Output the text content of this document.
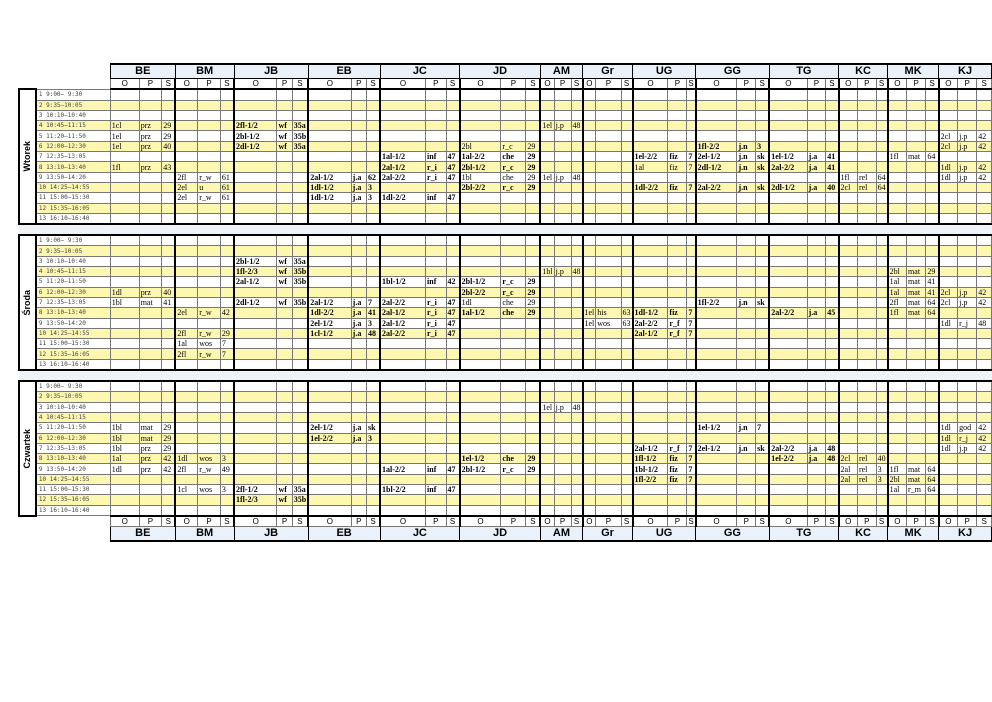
		BE			BM			JB			EB			JC			JD			AM			Gr			UG			GG			TG			KC			MK			KJ		
		O	P	S	O	P	S	O	P	S	O	P	S	O	P	S	O	P	S	O	P	S	O	P	S	O	P	S	O	P	S	O	P	S	O	P	S	O	P	S	O	P	S

Wtorek	1 9:00– 9:30																																										
	2 9:35–10:05																																										
	3 10:10–10:40																																										
	4 10:45–11:15	1cl	prz	29				2fl-1/2	wf	35a										1el	j.p	48																					
	5 11:20–11:50	1el	prz	29				2bl-1/2	wf	35b																															2cl	j.p	42
	6 12:00–12:30	1el	prz	40				2dl-1/2	wf	35a							2bl	r_c	29										1fl-2/2	j.n	3										2cl	j.p	42
	7 12:35–13:05													1al-1/2	inf	47	1al-2/2	che	29							1el-2/2	fiz	7	2el-1/2	j.n	sk	1el-1/2	j.a	41				1fl	mat	64			
	8 13:10–13:40	1fl	prz	43										2al-1/2	r_i	47	2bl-1/2	r_c	29							1al	fiz	7	2dl-1/2	j.n	sk	2al-2/2	j.a	41							1dl	j.p	42
	9 13:50–14:20				2fl	r_w	61				2al-1/2	j.a	62	2al-2/2	r_i	47	1bl	che	29	1el	j.p	48													1fl	rel	64				1dl	j.p	42
	10 14:25–14:55				2el	u	61				1dl-1/2	j.a	3				2bl-2/2	r_c	29							1dl-2/2	fiz	7	2al-2/2	j.n	sk	2dl-1/2	j.a	40	2cl	rel	64						
	11 15:00–15:30				2el	r_w	61				1dl-1/2	j.a	3	1dl-2/2	inf	47																											
	12 15:35–16:05																																										
	13 16:10–16:40																																										

Środa	1 9:00– 9:30																																										
	2 9:35–10:05																																										
	3 10:10–10:40							2bl-1/2	wf	35a																																	
	4 10:45–11:15							1fl-2/3	wf	35b										1bl	j.p	48																2bl	mat	29			
	5 11:20–11:50							2al-1/2	wf	35b				1bl-1/2	inf	42	2bl-1/2	r_c	29																			1al	mat	41			
	6 12:00–12:30	1dl	prz	40													2bl-2/2	r_c	29																			1al	mat	41	2cl	j.p	42
	7 12:35–13:05	1bl	mat	41				2dl-1/2	wf	35b	2al-1/2	j.a	7	2al-2/2	r_i	47	1dl	che	29										1fl-2/2	j.n	sk							2fl	mat	64	2cl	j.p	42
	8 13:10–13:40				2el	r_w	42				1dl-2/2	j.a	41	2al-1/2	r_i	47	1al-1/2	che	29				1el	his	63	1dl-1/2	fiz	7				2al-2/2	j.a	45				1fl	mat	64			
	9 13:50–14:20										2el-1/2	j.a	3	2al-1/2	r_i	47							1el	wos	63	2al-2/2	r_f	7													1dl	r_j	48
	10 14:25–14:55				2fl	r_w	29				1cl-1/2	j.a	48	2al-2/2	r_i	47										2al-1/2	r_f	7															
	11 15:00–15:30				1al	wos	7																																				
	12 15:35–16:05				2fl	r_w	7																																				
	13 16:10–16:40																																										

Czwartek	1 9:00– 9:30																																										
	2 9:35–10:05																																										
	3 10:10–10:40																			1el	j.p	48																					
	4 10:45–11:15																																										
	5 11:20–11:50	1bl	mat	29							2el-1/2	j.a	sk																1el-1/2	j.n	7										1dl	god	42
	6 12:00–12:30	1bl	mat	29							1el-2/2	j.a	3																												1dl	r_j	42
	7 12:35–13:05	1bl	prz	29																						2al-1/2	r_f	7	2el-1/2	j.n	sk	2al-2/2	j.a	48							1dl	j.p	42
	8 13:10–13:40	1al	prz	42	1dl	wos	3										1el-1/2	che	29							1fl-1/2	fiz	7				1el-2/2	j.a	48	2cl	rel	40						
	9 13:50–14:20	1dl	prz	42	2fl	r_w	49							1al-2/2	inf	47	2bl-1/2	r_c	29							1bl-1/2	fiz	7							2al	rel	3	1fl	mat	64			
	10 14:25–14:55																									1fl-2/2	fiz	7							2al	rel	3	2bl	mat	64			
	11 15:00–15:30				1cl	wos	3	2fl-1/2	wf	35a				1bl-2/2	inf	47																						1al	r_m	64			
	12 15:35–16:05							1fl-2/3	wf	35b																																	
	13 16:10–16:40																																										
		O	P	S	O	P	S	O	P	S	O	P	S	O	P	S	O	P	S	O	P	S	O	P	S	O	P	S	O	P	S	O	P	S	O	P	S	O	P	S	O	P	S
		BE			BM			JB			EB			JC			JD			AM			Gr			UG			GG			TG			KC			MK			KJ		
